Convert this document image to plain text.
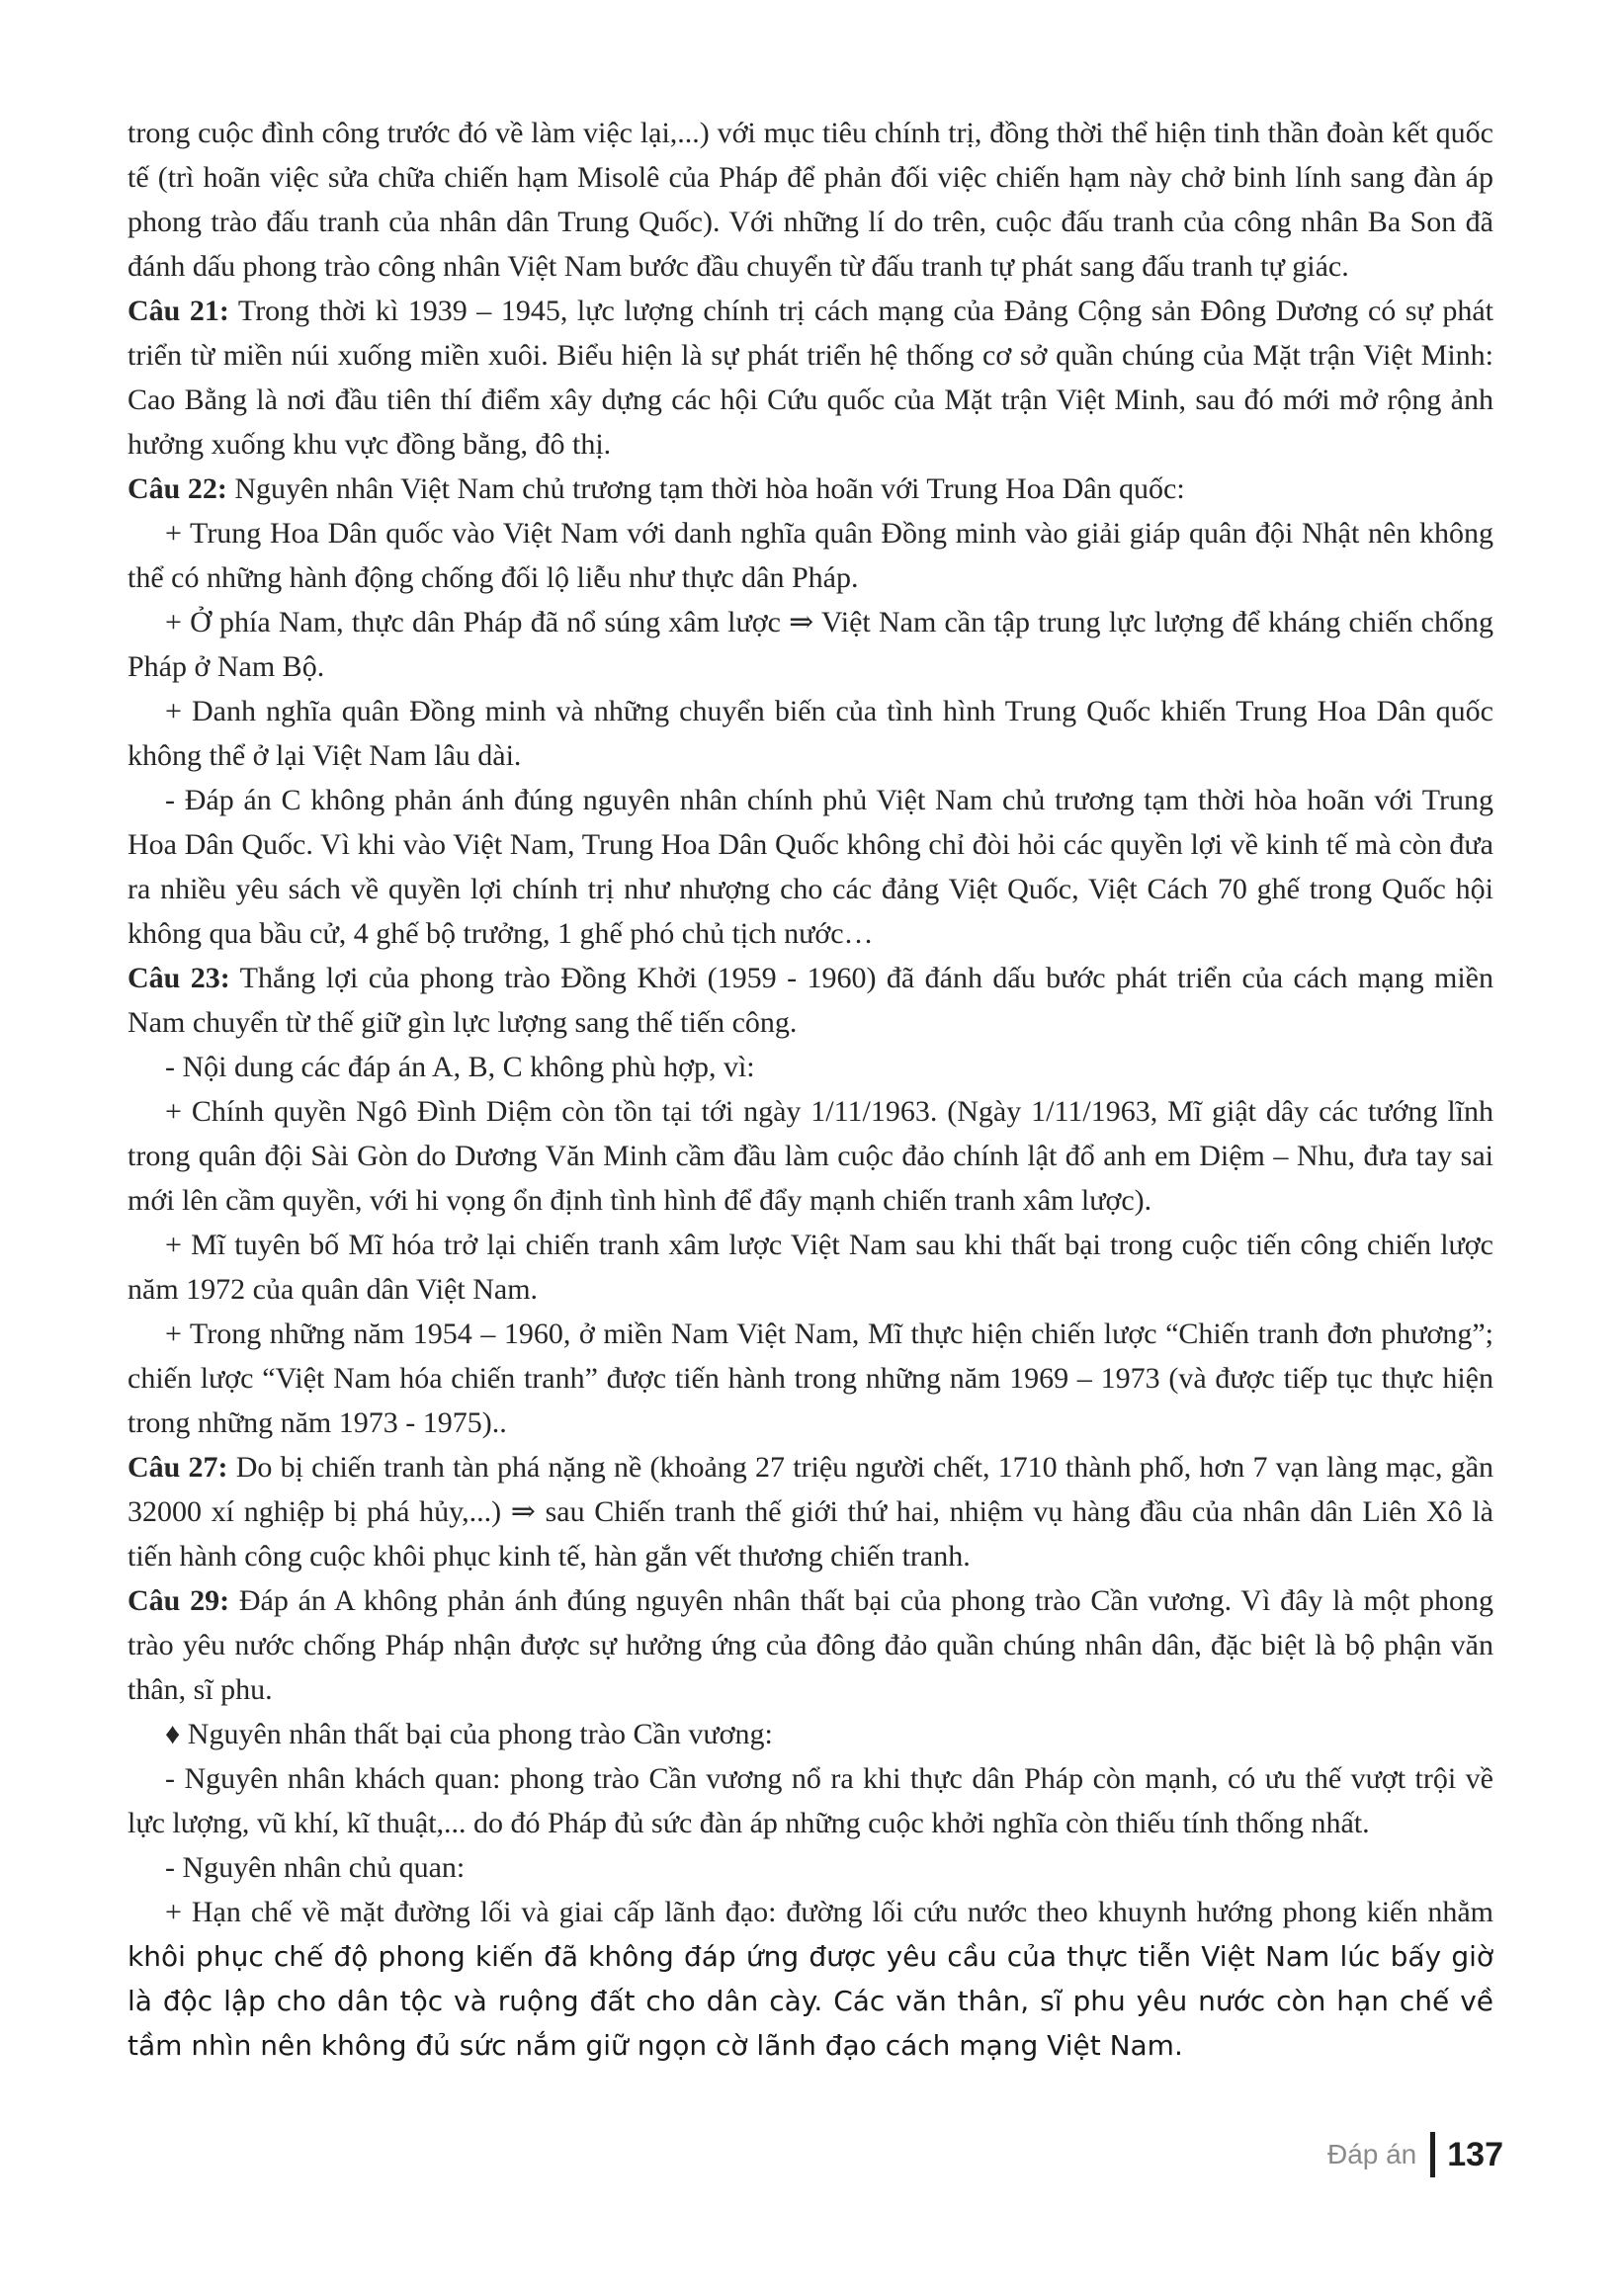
trong cuộc đình công trước đó về làm việc lại,...) với mục tiêu chính trị, đồng thời thể hiện tinh thần đoàn kết quốc tế (trì hoãn việc sửa chữa chiến hạm Misolê của Pháp để phản đối việc chiến hạm này chở binh lính sang đàn áp phong trào đấu tranh của nhân dân Trung Quốc). Với những lí do trên, cuộc đấu tranh của công nhân Ba Son đã đánh dấu phong trào công nhân Việt Nam bước đầu chuyển từ đấu tranh tự phát sang đấu tranh tự giác.

Câu 21: Trong thời kì 1939 – 1945, lực lượng chính trị cách mạng của Đảng Cộng sản Đông Dương có sự phát triển từ miền núi xuống miền xuôi. Biểu hiện là sự phát triển hệ thống cơ sở quần chúng của Mặt trận Việt Minh: Cao Bằng là nơi đầu tiên thí điểm xây dựng các hội Cứu quốc của Mặt trận Việt Minh, sau đó mới mở rộng ảnh hưởng xuống khu vực đồng bằng, đô thị.

Câu 22: Nguyên nhân Việt Nam chủ trương tạm thời hòa hoãn với Trung Hoa Dân quốc:

+ Trung Hoa Dân quốc vào Việt Nam với danh nghĩa quân Đồng minh vào giải giáp quân đội Nhật nên không thể có những hành động chống đối lộ liễu như thực dân Pháp.

+ Ở phía Nam, thực dân Pháp đã nổ súng xâm lược ⇒ Việt Nam cần tập trung lực lượng để kháng chiến chống Pháp ở Nam Bộ.

+ Danh nghĩa quân Đồng minh và những chuyển biến của tình hình Trung Quốc khiến Trung Hoa Dân quốc không thể ở lại Việt Nam lâu dài.

- Đáp án C không phản ánh đúng nguyên nhân chính phủ Việt Nam chủ trương tạm thời hòa hoãn với Trung Hoa Dân Quốc. Vì khi vào Việt Nam, Trung Hoa Dân Quốc không chỉ đòi hỏi các quyền lợi về kinh tế mà còn đưa ra nhiều yêu sách về quyền lợi chính trị như nhượng cho các đảng Việt Quốc, Việt Cách 70 ghế trong Quốc hội không qua bầu cử, 4 ghế bộ trưởng, 1 ghế phó chủ tịch nước…

Câu 23: Thắng lợi của phong trào Đồng Khởi (1959 - 1960) đã đánh dấu bước phát triển của cách mạng miền Nam chuyển từ thế giữ gìn lực lượng sang thế tiến công.

- Nội dung các đáp án A, B, C không phù hợp, vì:

+ Chính quyền Ngô Đình Diệm còn tồn tại tới ngày 1/11/1963. (Ngày 1/11/1963, Mĩ giật dây các tướng lĩnh trong quân đội Sài Gòn do Dương Văn Minh cầm đầu làm cuộc đảo chính lật đổ anh em Diệm – Nhu, đưa tay sai mới lên cầm quyền, với hi vọng ổn định tình hình để đẩy mạnh chiến tranh xâm lược).

+ Mĩ tuyên bố Mĩ hóa trở lại chiến tranh xâm lược Việt Nam sau khi thất bại trong cuộc tiến công chiến lược năm 1972 của quân dân Việt Nam.

+ Trong những năm 1954 – 1960, ở miền Nam Việt Nam, Mĩ thực hiện chiến lược “Chiến tranh đơn phương”; chiến lược “Việt Nam hóa chiến tranh” được tiến hành trong những năm 1969 – 1973 (và được tiếp tục thực hiện trong những năm 1973 - 1975)..

Câu 27: Do bị chiến tranh tàn phá nặng nề (khoảng 27 triệu người chết, 1710 thành phố, hơn 7 vạn làng mạc, gần 32000 xí nghiệp bị phá hủy,...) ⇒ sau Chiến tranh thế giới thứ hai, nhiệm vụ hàng đầu của nhân dân Liên Xô là tiến hành công cuộc khôi phục kinh tế, hàn gắn vết thương chiến tranh.

Câu 29: Đáp án A không phản ánh đúng nguyên nhân thất bại của phong trào Cần vương. Vì đây là một phong trào yêu nước chống Pháp nhận được sự hưởng ứng của đông đảo quần chúng nhân dân, đặc biệt là bộ phận văn thân, sĩ phu.

♦ Nguyên nhân thất bại của phong trào Cần vương:

- Nguyên nhân khách quan: phong trào Cần vương nổ ra khi thực dân Pháp còn mạnh, có ưu thế vượt trội về lực lượng, vũ khí, kĩ thuật,... do đó Pháp đủ sức đàn áp những cuộc khởi nghĩa còn thiếu tính thống nhất.

- Nguyên nhân chủ quan:

+ Hạn chế về mặt đường lối và giai cấp lãnh đạo: đường lối cứu nước theo khuynh hướng phong kiến nhằm khôi phục chế độ phong kiến đã không đáp ứng được yêu cầu của thực tiễn Việt Nam lúc bấy giờ là độc lập cho dân tộc và ruộng đất cho dân cày. Các văn thân, sĩ phu yêu nước còn hạn chế về tầm nhìn nên không đủ sức nắm giữ ngọn cờ lãnh đạo cách mạng Việt Nam.

Đáp án 137
